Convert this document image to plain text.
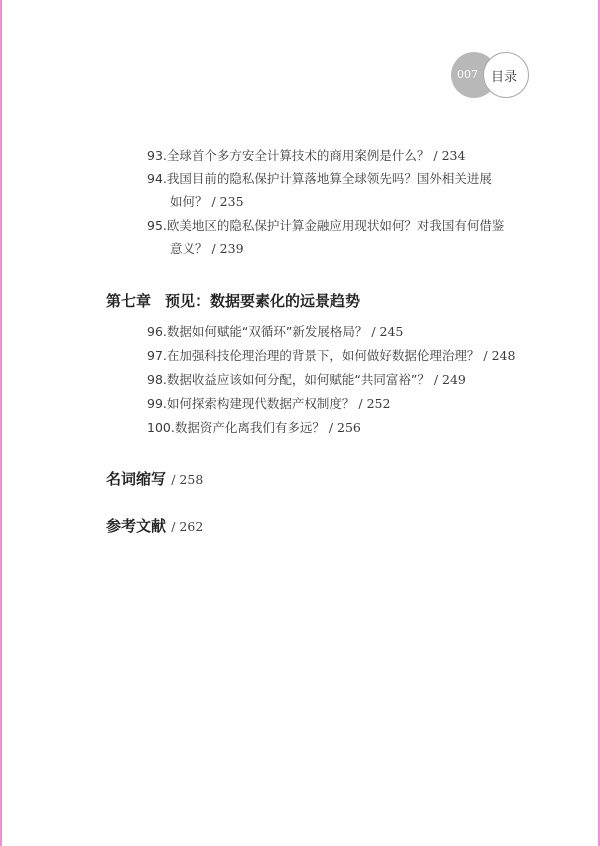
007 目录
93.全球首个多方安全计算技术的商用案例是什么？ / 234
94.我国目前的隐私保护计算落地算全球领先吗？国外相关进展
如何？ / 235
95.欧美地区的隐私保护计算金融应用现状如何？对我国有何借鉴
意义？ / 239
第七章 预见：数据要素化的远景趋势
96.数据如何赋能“双循环”新发展格局？ / 245
97.在加强科技伦理治理的背景下，如何做好数据伦理治理？ / 248
98.数据收益应该如何分配，如何赋能“共同富裕”？ / 249
99.如何探索构建现代数据产权制度？ / 252
100.数据资产化离我们有多远？ / 256
名词缩写 / 258
参考文献 / 262
